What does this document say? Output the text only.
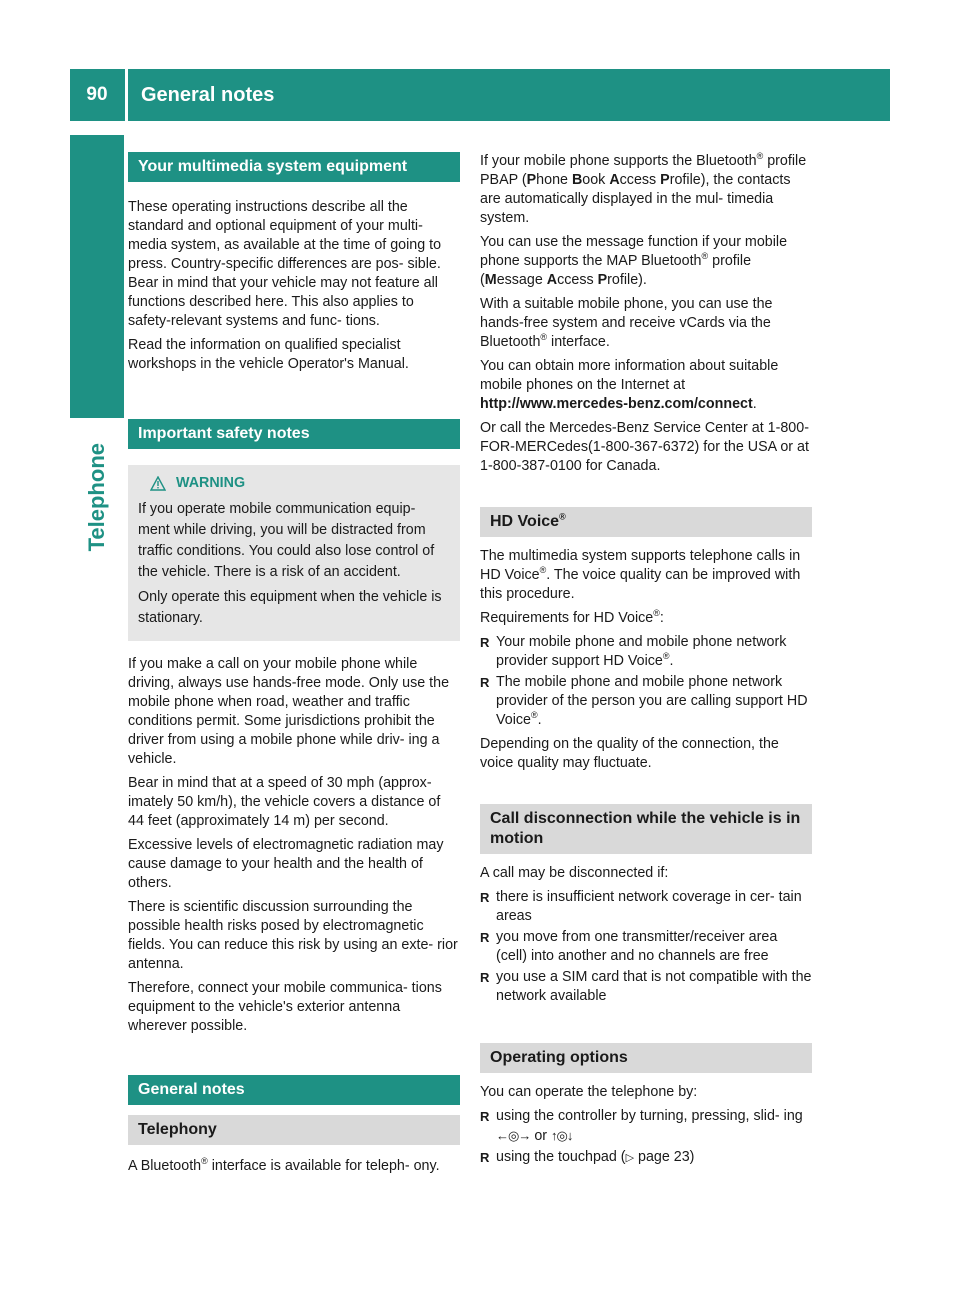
90	General notes
Telephone
Your multimedia system equipment

These operating instructions describe all the standard and optional equipment of your multi- media system, as available at the time of going to press. Country-specific differences are pos- sible. Bear in mind that your vehicle may not feature all functions described here. This also applies to safety-relevant systems and func- tions.

Read the information on qualified specialist workshops in the vehicle Operator's Manual.

Important safety notes
WARNING

If you operate mobile communication equip- ment while driving, you will be distracted from traffic conditions. You could also lose control of the vehicle. There is a risk of an accident.

Only operate this equipment when the vehicle is stationary.

If you make a call on your mobile phone while driving, always use hands-free mode. Only use the mobile phone when road, weather and traffic conditions permit. Some jurisdictions prohibit the driver from using a mobile phone while driv- ing a vehicle.

Bear in mind that at a speed of 30 mph (approx- imately 50 km/h), the vehicle covers a distance of 44 feet (approximately 14 m) per second.

Excessive levels of electromagnetic radiation may cause damage to your health and the health of others.

There is scientific discussion surrounding the possible health risks posed by electromagnetic fields. You can reduce this risk by using an exte- rior antenna.

Therefore, connect your mobile communica- tions equipment to the vehicle's exterior antenna wherever possible.

General notes
Telephony

A Bluetooth® interface is available for teleph- ony.

If your mobile phone supports the Bluetooth® profile PBAP (Phone Book Access Profile), the contacts are automatically displayed in the mul- timedia system.

You can use the message function if your mobile phone supports the MAP Bluetooth® profile (Message Access Profile).

With a suitable mobile phone, you can use the hands-free system and receive vCards via the Bluetooth® interface.

You can obtain more information about suitable mobile phones on the Internet at
http://www.mercedes-benz.com/connect.

Or call the Mercedes-Benz Service Center at 1-800-FOR-MERCedes(1-800-367-6372) for the USA or at 1-800-387-0100 for Canada.

HD Voice®

The multimedia system supports telephone calls in HD Voice®. The voice quality can be improved with this procedure.

Requirements for HD Voice®:

R Your mobile phone and mobile phone network provider support HD Voice®.
R The mobile phone and mobile phone network provider of the person you are calling support HD Voice®.

Depending on the quality of the connection, the voice quality may fluctuate.

Call disconnection while the vehicle is in motion

A call may be disconnected if:

R there is insufficient network coverage in cer- tain areas
R you move from one transmitter/receiver area (cell) into another and no channels are free
R you use a SIM card that is not compatible with the network available
Operating options

You can operate the telephone by:

R using the controller by turning, pressing, slid- ing ←◎→ or ↑◎↓
R using the touchpad (▷ page 23)
